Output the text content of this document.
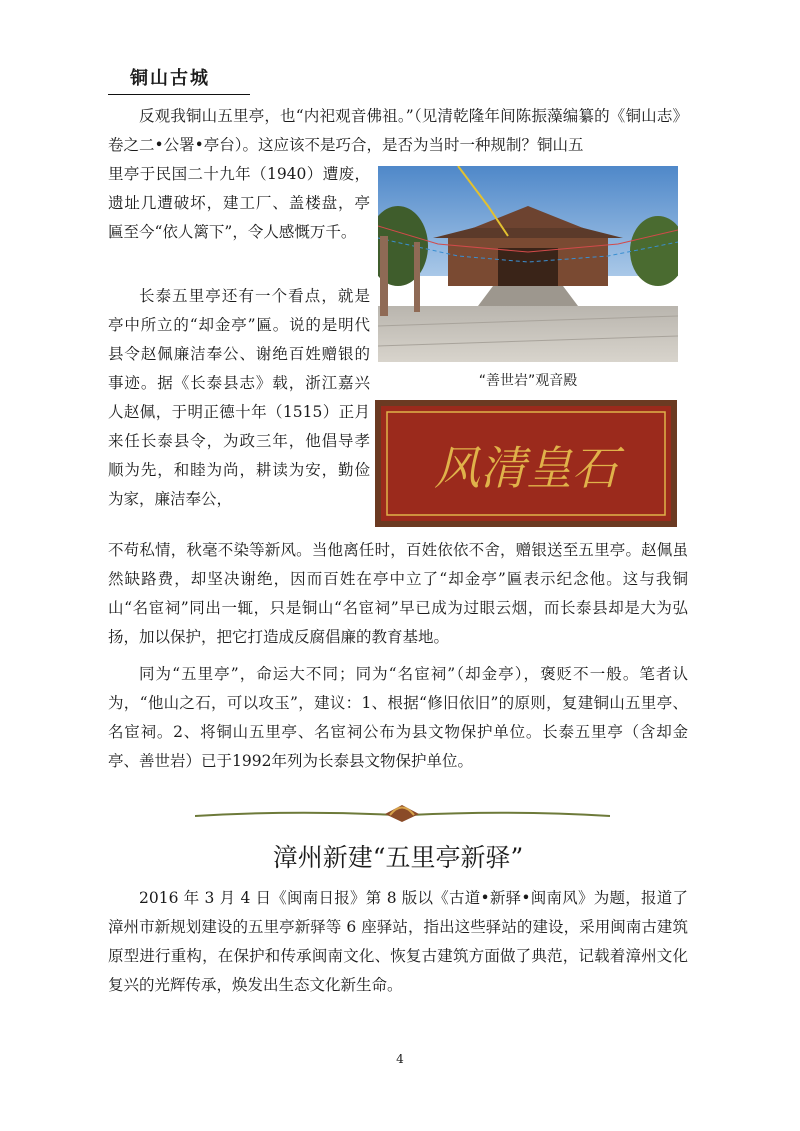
铜山古城

反观我铜山五里亭，也“内祀观音佛祖。”（见清乾隆年间陈振藻编纂的《铜山志》卷之二•公署•亭台）。这应该不是巧合，是否为当时一种规制？铜山五

里亭于民国二十九年（1940）遭废，遗址几遭破坏，建工厂、盖楼盘，亭匾至今“依人篱下”，令人感慨万千。

“善世岩”观音殿

长泰五里亭还有一个看点，就是亭中所立的“却金亭”匾。说的是明代县令赵佩廉洁奉公、谢绝百姓赠银的事迹。据《长泰县志》载，浙江嘉兴人赵佩，于明正德十年（1515）正月来任长泰县令，为政三年，他倡导孝顺为先，和睦为尚，耕读为安，勤俭为家，廉洁奉公，

风清皇石

不苟私情，秋毫不染等新风。当他离任时，百姓依依不舍，赠银送至五里亭。赵佩虽然缺路费，却坚决谢绝，因而百姓在亭中立了“却金亭”匾表示纪念他。这与我铜山“名宦祠”同出一辄，只是铜山“名宦祠”早已成为过眼云烟，而长泰县却是大为弘扬，加以保护，把它打造成反腐倡廉的教育基地。

同为“五里亭”，命运大不同；同为“名宦祠”（却金亭），褒贬不一般。笔者认为，“他山之石，可以攻玉”，建议：1、根据“修旧依旧”的原则，复建铜山五里亭、名宦祠。2、将铜山五里亭、名宦祠公布为县文物保护单位。长泰五里亭（含却金亭、善世岩）已于1992年列为长泰县文物保护单位。

漳州新建“五里亭新驿”

2016 年 3 月 4 日《闽南日报》第 8 版以《古道•新驿•闽南风》为题，报道了漳州市新规划建设的五里亭新驿等 6 座驿站，指出这些驿站的建设，采用闽南古建筑原型进行重构，在保护和传承闽南文化、恢复古建筑方面做了典范，记载着漳州文化复兴的光辉传承，焕发出生态文化新生命。

4
